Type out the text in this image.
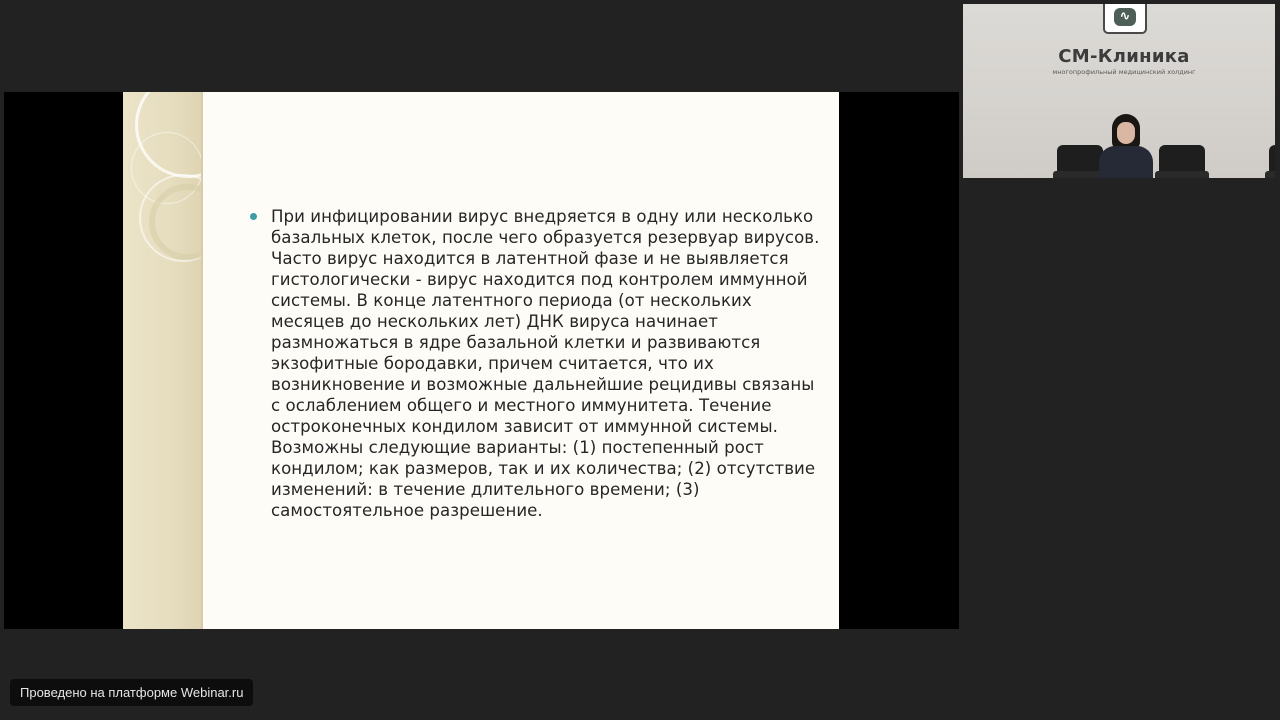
При инфицировании вирус внедряется в одну или несколько базальных клеток, после чего образуется резервуар вирусов. Часто вирус находится в латентной фазе и не выявляется гистологически - вирус находится под контролем иммунной системы. В конце латентного периода (от нескольких месяцев до нескольких лет) ДНК вируса начинает размножаться в ядре базальной клетки и развиваются экзофитные бородавки, причем считается, что их возникновение и возможные дальнейшие рецидивы связаны с ослаблением общего и местного иммунитета. Течение остроконечных кондилом зависит от иммунной системы. Возможны следующие варианты: (1) постепенный рост кондилом; как размеров, так и их количества; (2) отсутствие изменений: в течение длительного времени; (3) самостоятельное разрешение.

∿
СМ-Клиника
многопрофильный медицинский холдинг
Проведено на платформе Webinar.ru
